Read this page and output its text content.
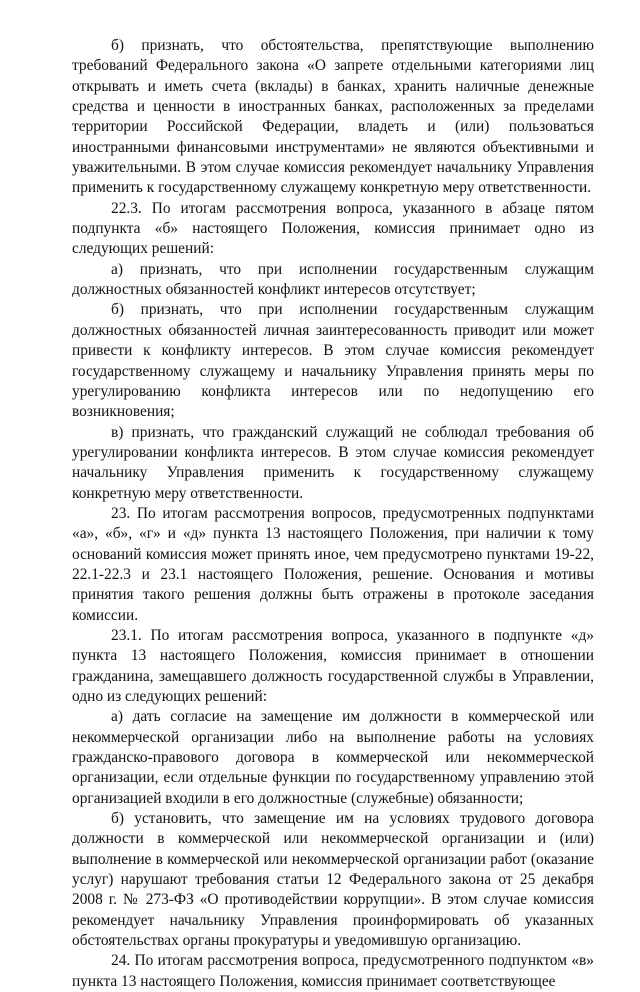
б) признать, что обстоятельства, препятствующие выполнению требований Федерального закона «О запрете отдельными категориями лиц открывать и иметь счета (вклады) в банках, хранить наличные денежные средства и ценности в иностранных банках, расположенных за пределами территории Российской Федерации, владеть и (или) пользоваться иностранными финансовыми инструментами» не являются объективными и уважительными. В этом случае комиссия рекомендует начальнику Управления применить к государственному служащему конкретную меру ответственности.

22.3. По итогам рассмотрения вопроса, указанного в абзаце пятом подпункта «б» настоящего Положения, комиссия принимает одно из следующих решений:

а) признать, что при исполнении государственным служащим должностных обязанностей конфликт интересов отсутствует;

б) признать, что при исполнении государственным служащим должностных обязанностей личная заинтересованность приводит или может привести к конфликту интересов. В этом случае комиссия рекомендует государственному служащему и начальнику Управления принять меры по урегулированию конфликта интересов или по недопущению его возникновения;

в) признать, что гражданский служащий не соблюдал требования об урегулировании конфликта интересов. В этом случае комиссия рекомендует начальнику Управления применить к государственному служащему конкретную меру ответственности.

23. По итогам рассмотрения вопросов, предусмотренных подпунктами «а», «б», «г» и «д» пункта 13 настоящего Положения, при наличии к тому оснований комиссия может принять иное, чем предусмотрено пунктами 19-22, 22.1-22.3 и 23.1 настоящего Положения, решение. Основания и мотивы принятия такого решения должны быть отражены в протоколе заседания комиссии.

23.1. По итогам рассмотрения вопроса, указанного в подпункте «д» пункта 13 настоящего Положения, комиссия принимает в отношении гражданина, замещавшего должность государственной службы в Управлении, одно из следующих решений:

а) дать согласие на замещение им должности в коммерческой или некоммерческой организации либо на выполнение работы на условиях гражданско-правового договора в коммерческой или некоммерческой организации, если отдельные функции по государственному управлению этой организацией входили в его должностные (служебные) обязанности;

б) установить, что замещение им на условиях трудового договора должности в коммерческой или некоммерческой организации и (или) выполнение в коммерческой или некоммерческой организации работ (оказание услуг) нарушают требования статьи 12 Федерального закона от 25 декабря 2008 г. № 273-ФЗ «О противодействии коррупции». В этом случае комиссия рекомендует начальнику Управления проинформировать об указанных обстоятельствах органы прокуратуры и уведомившую организацию.

24. По итогам рассмотрения вопроса, предусмотренного подпунктом «в» пункта 13 настоящего Положения, комиссия принимает соответствующее
